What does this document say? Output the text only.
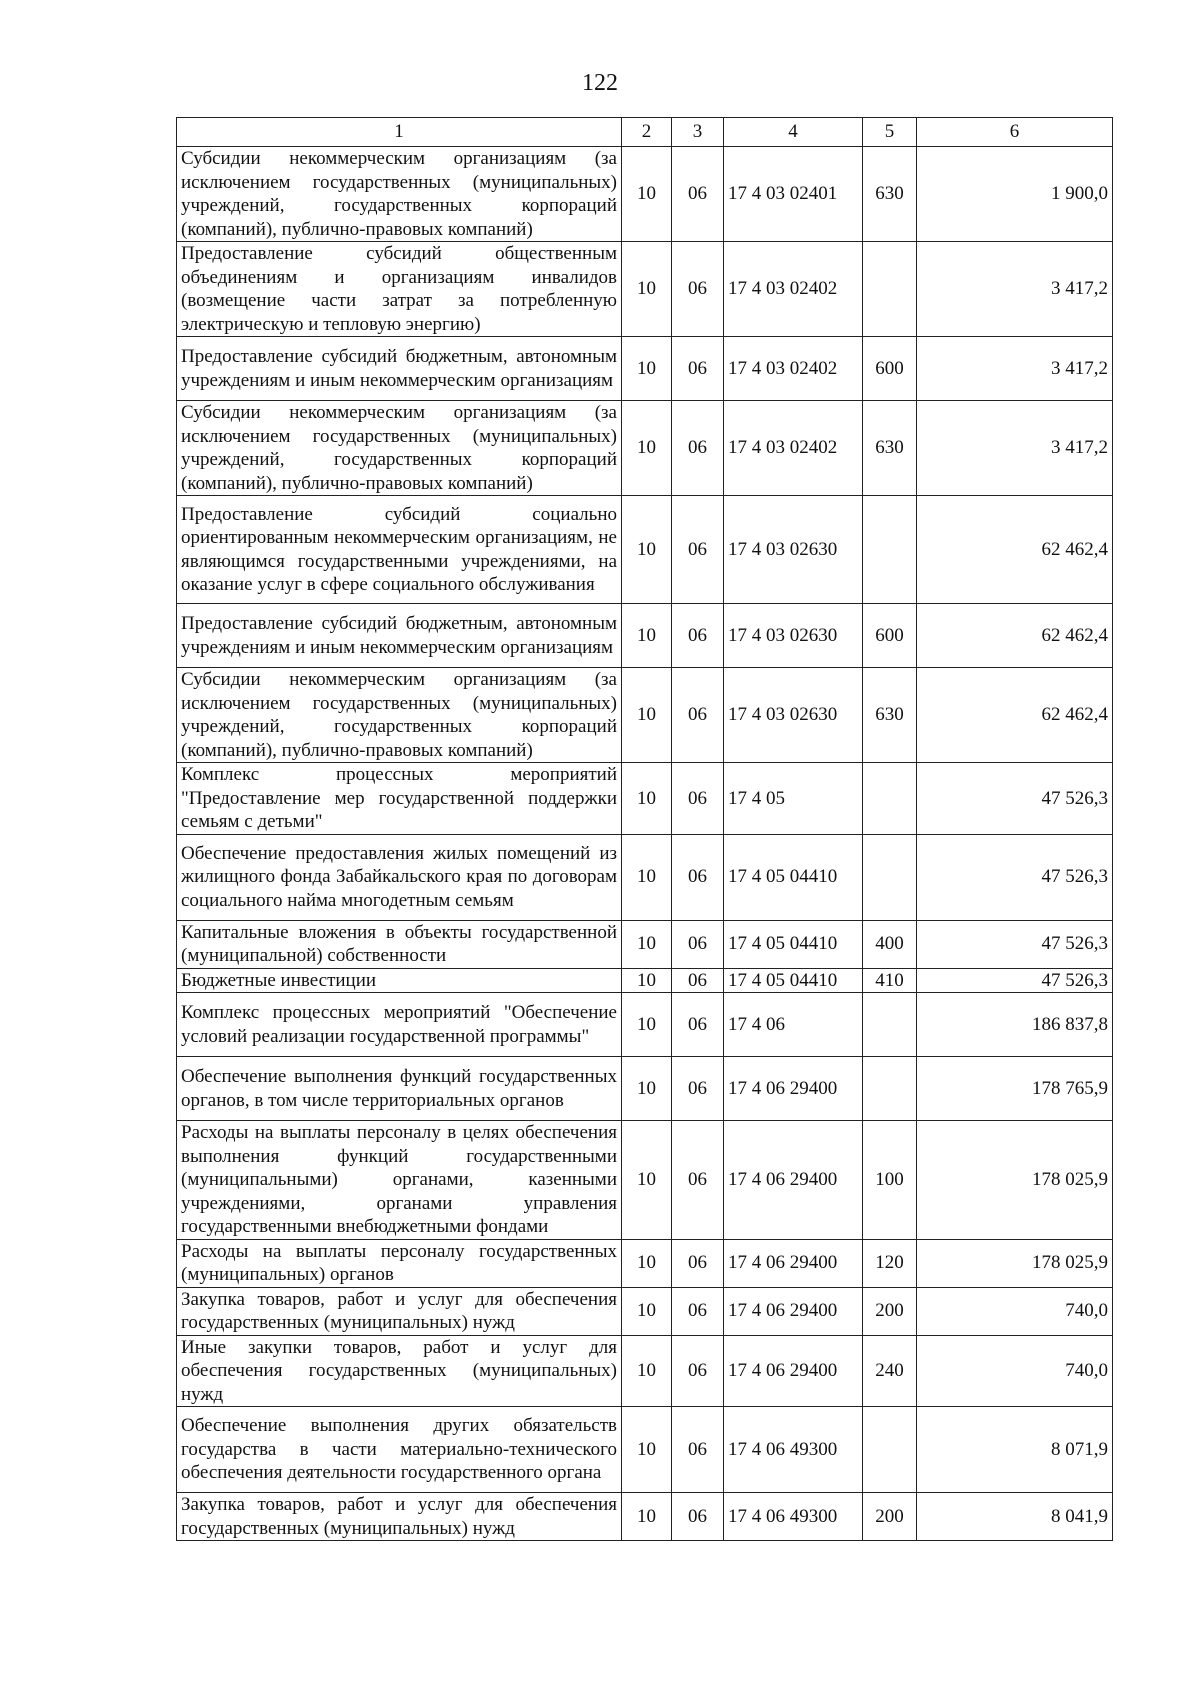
122
1	2	3	4	5	6
Субсидии некоммерческим организациям (за исключением государственных (муниципальных) учреждений, государственных корпораций (компаний), публично-правовых компаний)	10	06	17 4 03 02401	630	1 900,0
Предоставление субсидий общественным объединениям и организациям инвалидов (возмещение части затрат за потребленную электрическую и тепловую энергию)	10	06	17 4 03 02402		3 417,2
Предоставление субсидий бюджетным, автономным учреждениям и иным некоммерческим организациям	10	06	17 4 03 02402	600	3 417,2
Субсидии некоммерческим организациям (за исключением государственных (муниципальных) учреждений, государственных корпораций (компаний), публично-правовых компаний)	10	06	17 4 03 02402	630	3 417,2
Предоставление субсидий социально ориентированным некоммерческим организациям, не являющимся государственными учреждениями, на оказание услуг в сфере социального обслуживания	10	06	17 4 03 02630		62 462,4
Предоставление субсидий бюджетным, автономным учреждениям и иным некоммерческим организациям	10	06	17 4 03 02630	600	62 462,4
Субсидии некоммерческим организациям (за исключением государственных (муниципальных) учреждений, государственных корпораций (компаний), публично-правовых компаний)	10	06	17 4 03 02630	630	62 462,4
Комплекс процессных мероприятий "Предоставление мер государственной поддержки семьям с детьми"	10	06	17 4 05		47 526,3
Обеспечение предоставления жилых помещений из жилищного фонда Забайкальского края по договорам социального найма многодетным семьям	10	06	17 4 05 04410		47 526,3
Капитальные вложения в объекты государственной (муниципальной) собственности	10	06	17 4 05 04410	400	47 526,3
Бюджетные инвестиции	10	06	17 4 05 04410	410	47 526,3
Комплекс процессных мероприятий "Обеспечение условий реализации государственной программы"	10	06	17 4 06		186 837,8
Обеспечение выполнения функций государственных органов, в том числе территориальных органов	10	06	17 4 06 29400		178 765,9
Расходы на выплаты персоналу в целях обеспечения выполнения функций государственными (муниципальными) органами, казенными учреждениями, органами управления государственными внебюджетными фондами	10	06	17 4 06 29400	100	178 025,9
Расходы на выплаты персоналу государственных (муниципальных) органов	10	06	17 4 06 29400	120	178 025,9
Закупка товаров, работ и услуг для обеспечения государственных (муниципальных) нужд	10	06	17 4 06 29400	200	740,0
Иные закупки товаров, работ и услуг для обеспечения государственных (муниципальных) нужд	10	06	17 4 06 29400	240	740,0
Обеспечение выполнения других обязательств государства в части материально-технического обеспечения деятельности государственного органа	10	06	17 4 06 49300		8 071,9
Закупка товаров, работ и услуг для обеспечения государственных (муниципальных) нужд	10	06	17 4 06 49300	200	8 041,9
